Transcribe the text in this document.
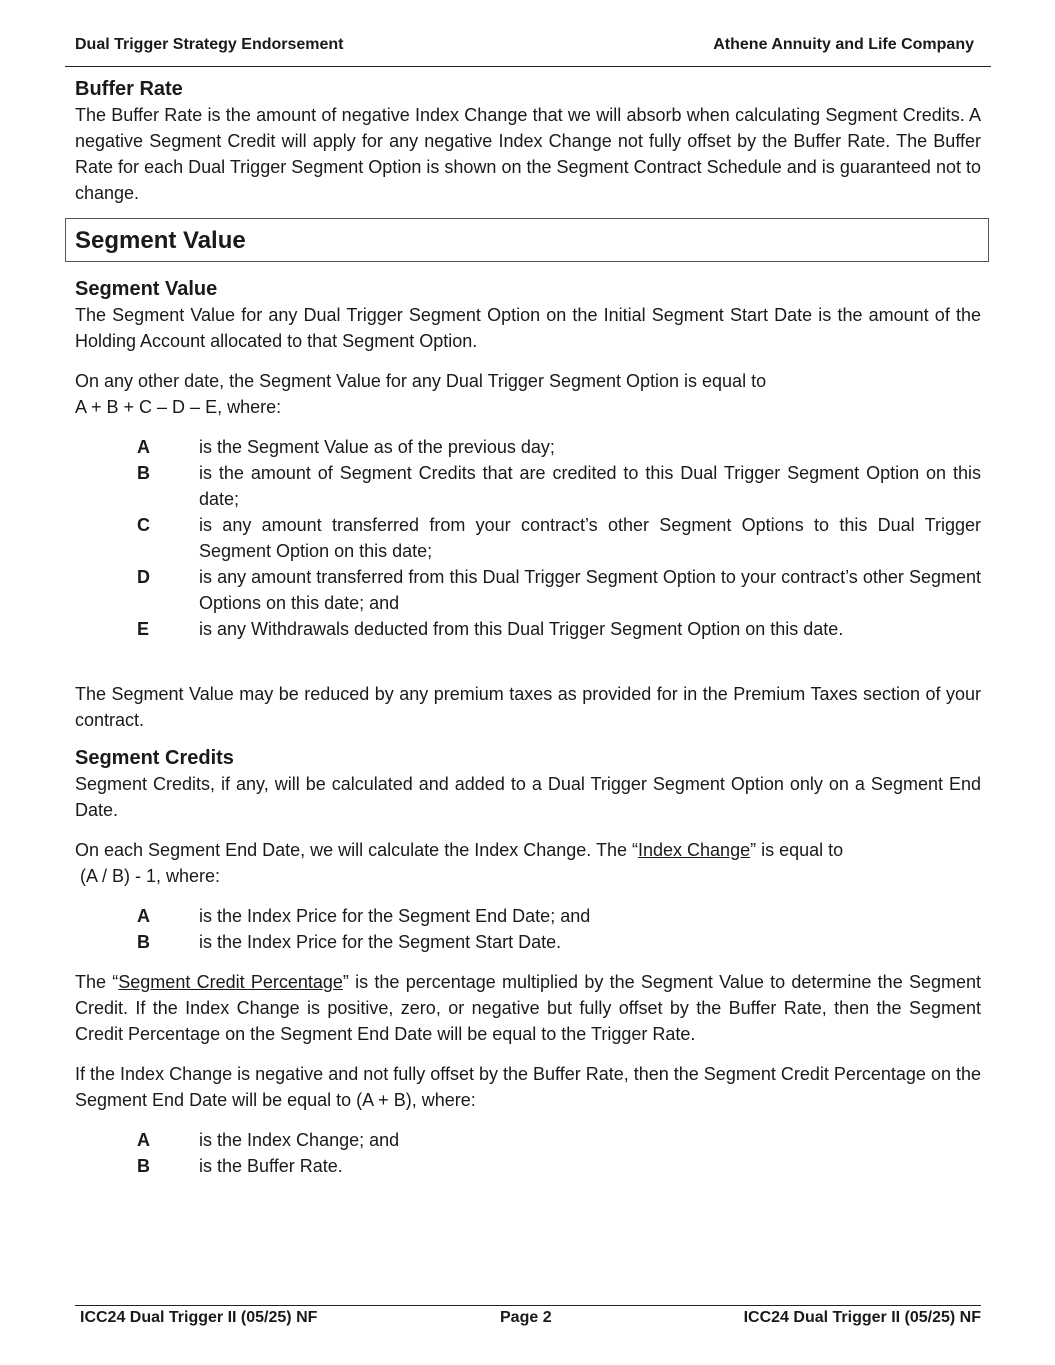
Dual Trigger Strategy Endorsement	Athene Annuity and Life Company
Buffer Rate

The Buffer Rate is the amount of negative Index Change that we will absorb when calculating Segment Credits. A negative Segment Credit will apply for any negative Index Change not fully offset by the Buffer Rate. The Buffer Rate for each Dual Trigger Segment Option is shown on the Segment Contract Schedule and is guaranteed not to change.

Segment Value
Segment Value

The Segment Value for any Dual Trigger Segment Option on the Initial Segment Start Date is the amount of the Holding Account allocated to that Segment Option.

On any other date, the Segment Value for any Dual Trigger Segment Option is equal to
A + B + C – D – E, where:

A	is the Segment Value as of the previous day;
B	is the amount of Segment Credits that are credited to this Dual Trigger Segment Option on this date;
C	is any amount transferred from your contract’s other Segment Options to this Dual Trigger Segment Option on this date;
D	is any amount transferred from this Dual Trigger Segment Option to your contract’s other Segment Options on this date; and
E	is any Withdrawals deducted from this Dual Trigger Segment Option on this date.

The Segment Value may be reduced by any premium taxes as provided for in the Premium Taxes section of your contract.

Segment Credits

Segment Credits, if any, will be calculated and added to a Dual Trigger Segment Option only on a Segment End Date.

On each Segment End Date, we will calculate the Index Change. The “Index Change” is equal to
(A / B) - 1, where:

A	is the Index Price for the Segment End Date; and
B	is the Index Price for the Segment Start Date.

The “Segment Credit Percentage” is the percentage multiplied by the Segment Value to determine the Segment Credit. If the Index Change is positive, zero, or negative but fully offset by the Buffer Rate, then the Segment Credit Percentage on the Segment End Date will be equal to the Trigger Rate.

If the Index Change is negative and not fully offset by the Buffer Rate, then the Segment Credit Percentage on the Segment End Date will be equal to (A + B), where:

A	is the Index Change; and
B	is the Buffer Rate.
ICC24 Dual Trigger II (05/25) NF	Page 2	ICC24 Dual Trigger II (05/25) NF
